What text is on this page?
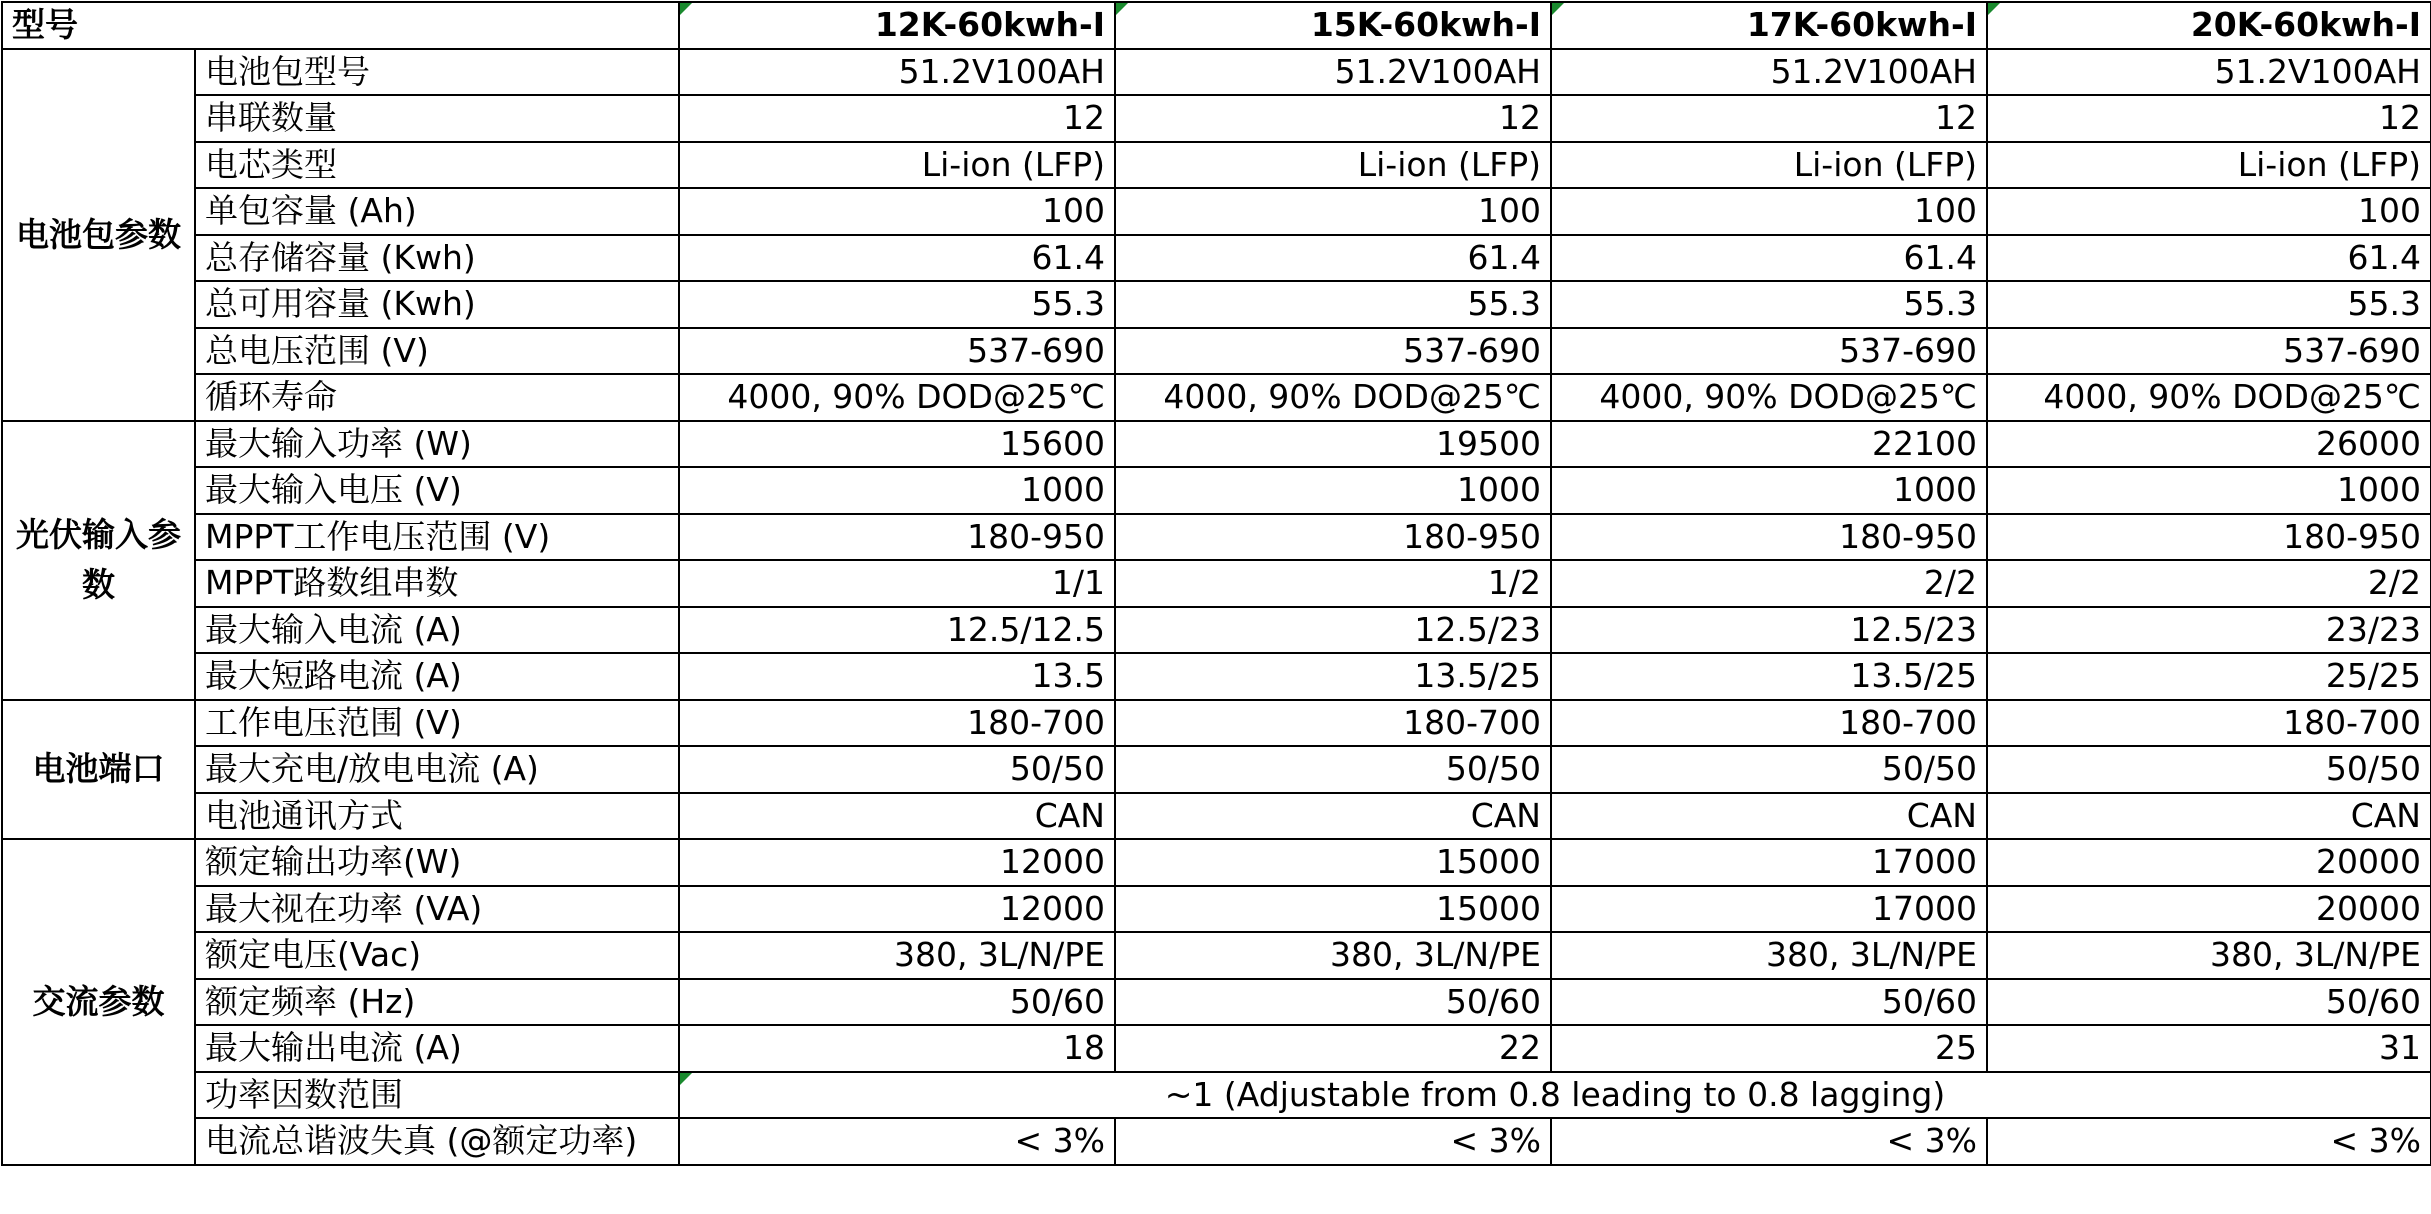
型号		12K-60kwh-I	15K-60kwh-I	17K-60kwh-I	20K-60kwh-I
电池包参数	电池包型号	51.2V100AH	51.2V100AH	51.2V100AH	51.2V100AH
	串联数量	12	12	12	12
	电芯类型	Li-ion (LFP)	Li-ion (LFP)	Li-ion (LFP)	Li-ion (LFP)
	单包容量 (Ah)	100	100	100	100
	总存储容量 (Kwh)	61.4	61.4	61.4	61.4
	总可用容量 (Kwh)	55.3	55.3	55.3	55.3
	总电压范围 (V)	537-690	537-690	537-690	537-690
	循环寿命	4000, 90% DOD@25℃	4000, 90% DOD@25℃	4000, 90% DOD@25℃	4000, 90% DOD@25℃
光伏输入参数	最大输入功率 (W)	15600	19500	22100	26000
	最大输入电压 (V)	1000	1000	1000	1000
	MPPT工作电压范围 (V)	180-950	180-950	180-950	180-950
	MPPT路数组串数	1/1	1/2	2/2	2/2
	最大输入电流 (A)	12.5/12.5	12.5/23	12.5/23	23/23
	最大短路电流 (A)	13.5	13.5/25	13.5/25	25/25
电池端口	工作电压范围 (V)	180-700	180-700	180-700	180-700
	最大充电/放电电流 (A)	50/50	50/50	50/50	50/50
	电池通讯方式	CAN	CAN	CAN	CAN
交流参数	额定输出功率(W)	12000	15000	17000	20000
	最大视在功率 (VA)	12000	15000	17000	20000
	额定电压(Vac)	380, 3L/N/PE	380, 3L/N/PE	380, 3L/N/PE	380, 3L/N/PE
	额定频率 (Hz)	50/60	50/60	50/60	50/60
	最大输出电流 (A)	18	22	25	31
	功率因数范围	~1 (Adjustable from 0.8 leading to 0.8 lagging)			
	电流总谐波失真 (@额定功率)	< 3%	< 3%	< 3%	< 3%
